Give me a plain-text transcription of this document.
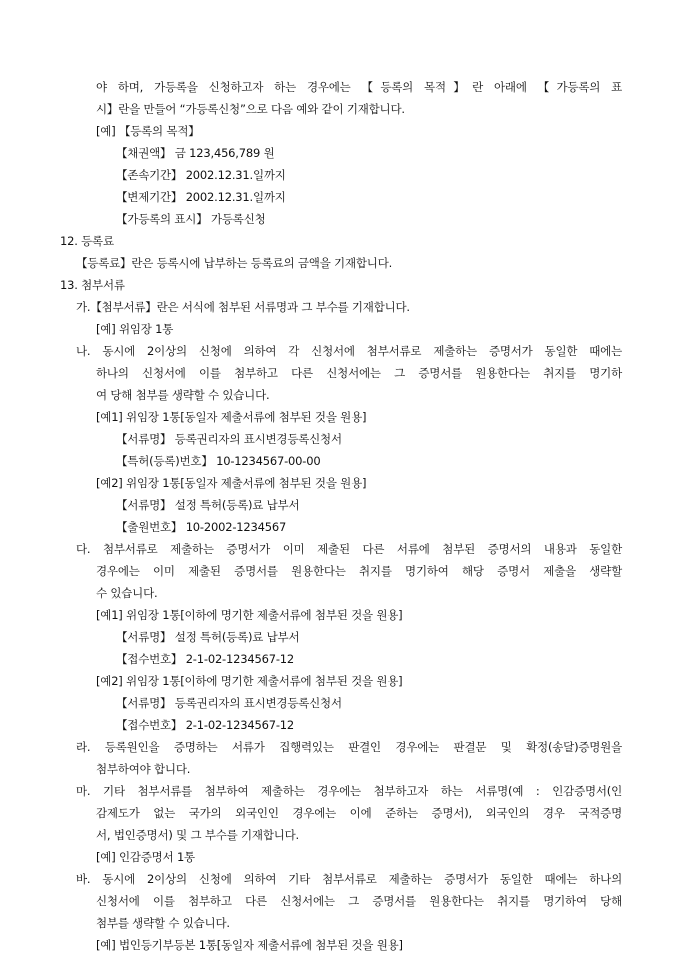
야 하며, 가등록을 신청하고자 하는 경우에는 【등록의 목적】란 아래에 【가등록의 표
시】란을 만들어 “가등록신청”으로 다음 예와 같이 기재합니다.
[예] 【등록의 목적】
【채권액】 금 123,456,789 원
【존속기간】 2002.12.31.일까지
【변제기간】 2002.12.31.일까지
【가등록의 표시】 가등록신청
12. 등록료
【등록료】란은 등록시에 납부하는 등록료의 금액을 기재합니다.
13. 첨부서류
가.【첨부서류】란은 서식에 첨부된 서류명과 그 부수를 기재합니다.
[예] 위임장 1통
나. 동시에 2이상의 신청에 의하여 각 신청서에 첨부서류로 제출하는 증명서가 동일한 때에는
하나의 신청서에 이를 첨부하고 다른 신청서에는 그 증명서를 원용한다는 취지를 명기하
여 당해 첨부를 생략할 수 있습니다.
[예1] 위임장 1통[동일자 제출서류에 첨부된 것을 원용]
【서류명】 등록권리자의 표시변경등록신청서
【특허(등록)번호】 10-1234567-00-00
[예2] 위임장 1통[동일자 제출서류에 첨부된 것을 원용]
【서류명】 설정 특허(등록)료 납부서
【출원번호】 10-2002-1234567
다. 첨부서류로 제출하는 증명서가 이미 제출된 다른 서류에 첨부된 증명서의 내용과 동일한
경우에는 이미 제출된 증명서를 원용한다는 취지를 명기하여 해당 증명서 제출을 생략할
수 있습니다.
[예1] 위임장 1통[이하에 명기한 제출서류에 첨부된 것을 원용]
【서류명】 설정 특허(등록)료 납부서
【접수번호】 2-1-02-1234567-12
[예2] 위임장 1통[이하에 명기한 제출서류에 첨부된 것을 원용]
【서류명】 등록권리자의 표시변경등록신청서
【접수번호】 2-1-02-1234567-12
라. 등록원인을 증명하는 서류가 집행력있는 판결인 경우에는 판결문 및 확정(송달)증명원을
첨부하여야 합니다.
마. 기타 첨부서류를 첨부하여 제출하는 경우에는 첨부하고자 하는 서류명(예 : 인감증명서(인
감제도가 없는 국가의 외국인인 경우에는 이에 준하는 증명서), 외국인의 경우 국적증명
서, 법인증명서) 및 그 부수를 기재합니다.
[예] 인감증명서 1통
바. 동시에 2이상의 신청에 의하여 기타 첨부서류로 제출하는 증명서가 동일한 때에는 하나의
신청서에 이를 첨부하고 다른 신청서에는 그 증명서를 원용한다는 취지를 명기하여 당해
첨부를 생략할 수 있습니다.
[예] 법인등기부등본 1통[동일자 제출서류에 첨부된 것을 원용]
